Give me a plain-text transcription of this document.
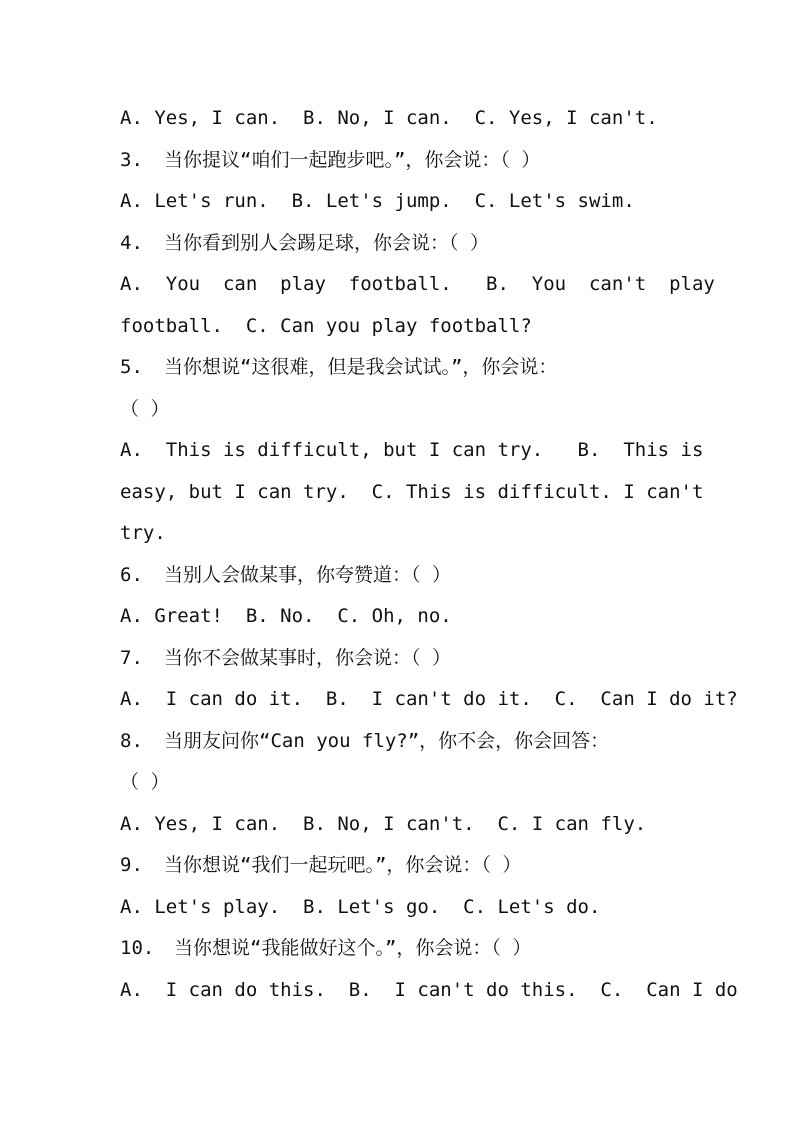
A. Yes, I can.  B. No, I can.  C. Yes, I can't.
3. 当你提议“咱们一起跑步吧。”，你会说：（ ）
A. Let's run.  B. Let's jump.  C. Let's swim.
4. 当你看到别人会踢足球，你会说：（ ）
A.  You  can  play  football.   B.  You  can't  play
football.  C. Can you play football?
5. 当你想说“这很难，但是我会试试。”，你会说：
（ ）
A.  This is difficult, but I can try.   B.  This is
easy, but I can try.  C. This is difficult. I can't
try.
6. 当别人会做某事，你夸赞道：（ ）
A. Great!  B. No.  C. Oh, no.
7. 当你不会做某事时，你会说：（ ）
A.  I can do it.  B.  I can't do it.  C.  Can I do it?
8. 当朋友问你“Can you fly?”，你不会，你会回答：
（ ）
A. Yes, I can.  B. No, I can't.  C. I can fly.
9. 当你想说“我们一起玩吧。”，你会说：（ ）
A. Let's play.  B. Let's go.  C. Let's do.
10. 当你想说“我能做好这个。”，你会说：（ ）
A.  I can do this.  B.  I can't do this.  C.  Can I do
